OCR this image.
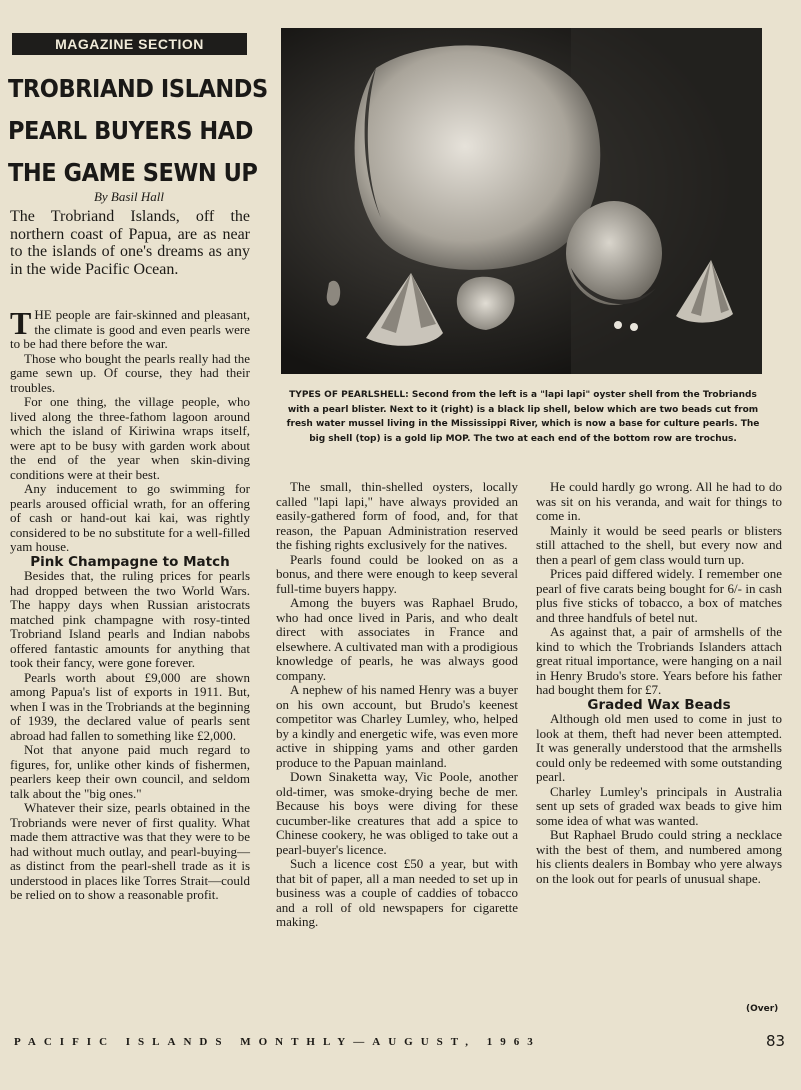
MAGAZINE SECTION
TROBRIAND ISLANDS
PEARL BUYERS HAD
THE GAME SEWN UP
By Basil Hall
The Trobriand Islands, off the northern coast of Papua, are as near to the islands of one's dreams as any in the wide Pacific Ocean.

THE people are fair-skinned and pleasant, the climate is good and even pearls were to be had there before the war.

Those who bought the pearls really had the game sewn up. Of course, they had their troubles.

For one thing, the village people, who lived along the three-fathom lagoon around which the island of Kiriwina wraps itself, were apt to be busy with garden work about the end of the year when skin-diving conditions were at their best.

Any inducement to go swimming for pearls aroused official wrath, for an offering of cash or hand-out kai kai, was rightly considered to be no substitute for a well-filled yam house.

Pink Champagne to Match

Besides that, the ruling prices for pearls had dropped between the two World Wars. The happy days when Russian aristocrats matched pink champagne with rosy-tinted Trobriand Island pearls and Indian nabobs offered fantastic amounts for anything that took their fancy, were gone forever.

Pearls worth about £9,000 are shown among Papua's list of exports in 1911. But, when I was in the Trobriands at the beginning of 1939, the declared value of pearls sent abroad had fallen to something like £2,000.

Not that anyone paid much regard to figures, for, unlike other kinds of fishermen, pearlers keep their own council, and seldom talk about the "big ones."

Whatever their size, pearls obtained in the Trobriands were never of first quality. What made them attractive was that they were to be had without much outlay, and pearl-buying—as distinct from the pearl-shell trade as it is understood in places like Torres Strait—could be relied on to show a reasonable profit.

TYPES OF PEARLSHELL: Second from the left is a "lapi lapi" oyster shell from the Trobriands with a pearl blister. Next to it (right) is a black lip shell, below which are two beads cut from fresh water mussel living in the Mississippi River, which is now a base for culture pearls. The big shell (top) is a gold lip MOP. The two at each end of the bottom row are trochus.

The small, thin-shelled oysters, locally called "lapi lapi," have always provided an easily-gathered form of food, and, for that reason, the Papuan Administration reserved the fishing rights exclusively for the natives.

Pearls found could be looked on as a bonus, and there were enough to keep several full-time buyers happy.

Among the buyers was Raphael Brudo, who had once lived in Paris, and who dealt direct with associates in France and elsewhere. A cultivated man with a prodigious knowledge of pearls, he was always good company.

A nephew of his named Henry was a buyer on his own account, but Brudo's keenest competitor was Charley Lumley, who, helped by a kindly and energetic wife, was even more active in shipping yams and other garden produce to the Papuan mainland.

Down Sinaketta way, Vic Poole, another old-timer, was smoke-drying beche de mer. Because his boys were diving for these cucumber-like creatures that add a spice to Chinese cookery, he was obliged to take out a pearl-buyer's licence.

Such a licence cost £50 a year, but with that bit of paper, all a man needed to set up in business was a couple of caddies of tobacco and a roll of old newspapers for cigarette making.

He could hardly go wrong. All he had to do was sit on his veranda, and wait for things to come in.

Mainly it would be seed pearls or blisters still attached to the shell, but every now and then a pearl of gem class would turn up.

Prices paid differed widely. I remember one pearl of five carats being bought for 6/- in cash plus five sticks of tobacco, a box of matches and three handfuls of betel nut.

As against that, a pair of armshells of the kind to which the Trobriands Islanders attach great ritual importance, were hanging on a nail in Henry Brudo's store. Years before his father had bought them for £7.

Graded Wax Beads

Although old men used to come in just to look at them, theft had never been attempted. It was generally understood that the armshells could only be redeemed with some outstanding pearl.

Charley Lumley's principals in Australia sent up sets of graded wax beads to give him some idea of what was wanted.

But Raphael Brudo could string a necklace with the best of them, and numbered among his clients dealers in Bombay who yere always on the look out for pearls of unusual shape.

(Over)
PACIFIC ISLANDS MONTHLY—AUGUST, 1963	83
